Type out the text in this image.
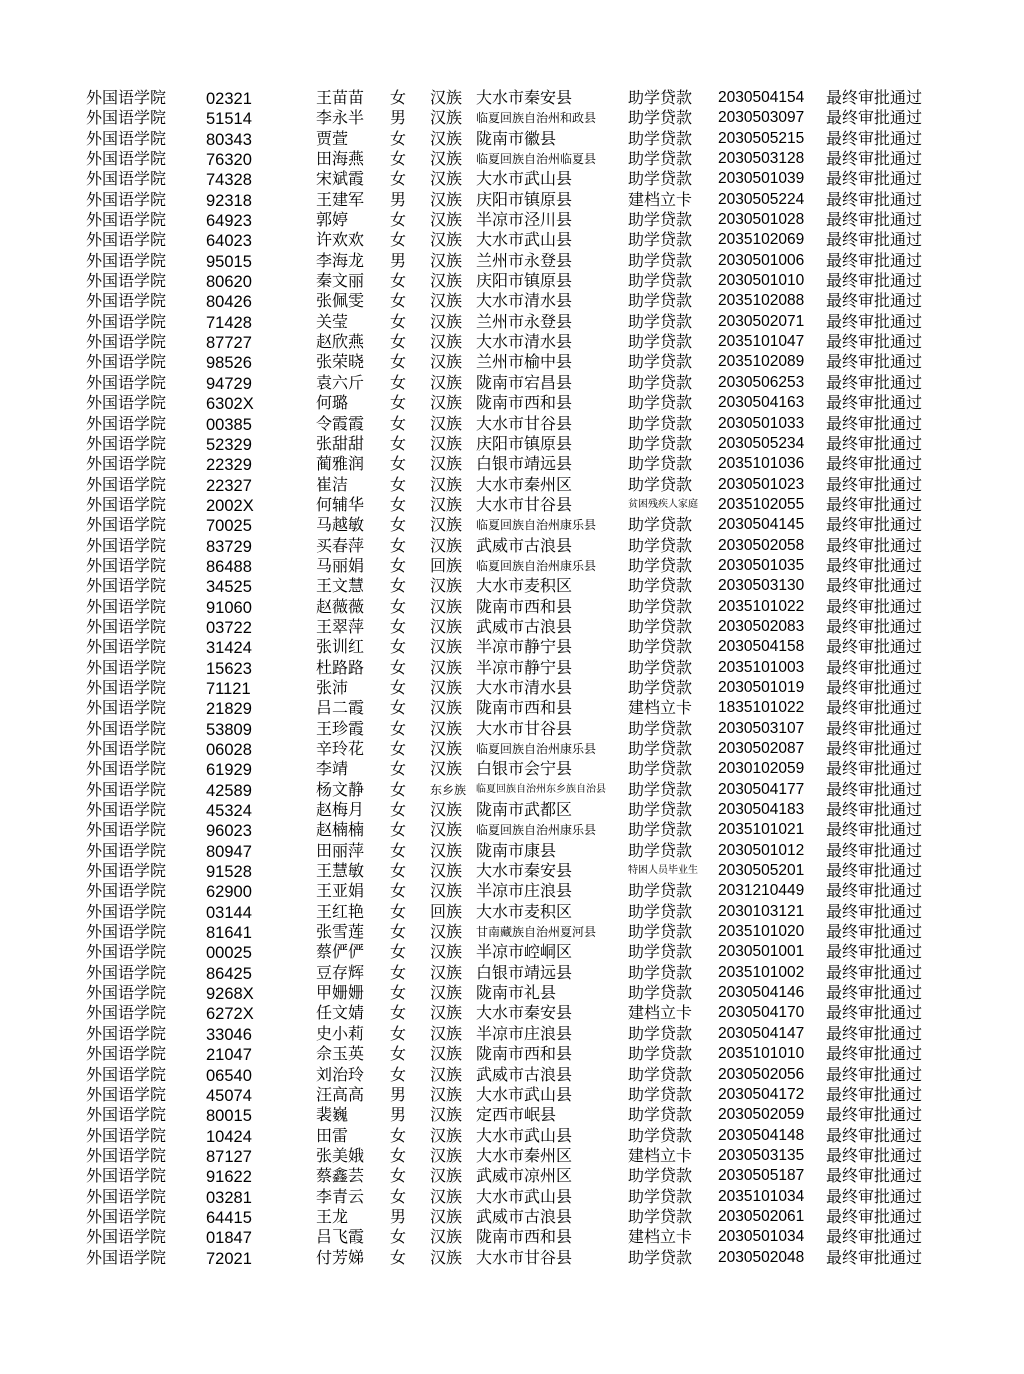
外国语学院 02321	王苗苗 女 汉族 大水市秦安县	助学贷款 2030504154 最终审批通过
外国语学院 51514	李永半 男 汉族 临夏回族自治州和政县 助学贷款 2030503097 最终审批通过
外国语学院 80343	贾萱	女 汉族 陇南市徽县	助学贷款 2030505215 最终审批通过
外国语学院 76320	田海燕 女 汉族 临夏回族自治州临夏县 助学贷款 2030503128 最终审批通过
外国语学院 74328	宋斌霞 女 汉族 大水市武山县	助学贷款 2030501039 最终审批通过
外国语学院 92318	王建军 男 汉族 庆阳市镇原县	建档立卡 2030505224 最终审批通过
外国语学院 64923	郭婷	女 汉族 半凉市泾川县	助学贷款 2030501028 最终审批通过
外国语学院 64023	许欢欢 女 汉族 大水市武山县	助学贷款 2035102069 最终审批通过
外国语学院 95015	李海龙 男 汉族 兰州市永登县	助学贷款 2030501006 最终审批通过
外国语学院 80620	秦文丽 女 汉族 庆阳市镇原县	助学贷款 2030501010 最终审批通过
外国语学院 80426	张佩雯 女 汉族 大水市清水县	助学贷款 2035102088 最终审批通过
外国语学院 71428	关莹	女 汉族 兰州市永登县	助学贷款 2030502071 最终审批通过
外国语学院 87727	赵欣燕 女 汉族 大水市清水县	助学贷款 2035101047 最终审批通过
外国语学院 98526	张荣晓 女 汉族 兰州市榆中县	助学贷款 2035102089 最终审批通过
外国语学院 94729	袁六斤 女 汉族 陇南市宕昌县	助学贷款 2030506253 最终审批通过
外国语学院 6302X	何璐	女 汉族 陇南市西和县	助学贷款 2030504163 最终审批通过
外国语学院 00385	令霞霞 女 汉族 大水市甘谷县	助学贷款 2030501033 最终审批通过
外国语学院 52329	张甜甜 女 汉族 庆阳市镇原县	助学贷款 2030505234 最终审批通过
外国语学院 22329	蔺雅润 女 汉族 白银市靖远县	助学贷款 2035101036 最终审批通过
外国语学院 22327	崔洁	女 汉族 大水市秦州区	助学贷款 2030501023 最终审批通过
外国语学院 2002X	何辅华 女 汉族 大水市甘谷县	贫困残疾人家庭 2035102055 最终审批通过
外国语学院 70025	马越敏 女 汉族 临夏回族自治州康乐县 助学贷款 2030504145 最终审批通过
外国语学院 83729	买春萍 女 汉族 武威市古浪县	助学贷款 2030502058 最终审批通过
外国语学院 86488	马丽娟 女 回族 临夏回族自治州康乐县 助学贷款 2030501035 最终审批通过
外国语学院 34525	王文慧 女 汉族 大水市麦积区	助学贷款 2030503130 最终审批通过
外国语学院 91060	赵薇薇 女 汉族 陇南市西和县	助学贷款 2035101022 最终审批通过
外国语学院 03722	王翠萍 女 汉族 武威市古浪县	助学贷款 2030502083 最终审批通过
外国语学院 31424	张训红 女 汉族 半凉市静宁县	助学贷款 2030504158 最终审批通过
外国语学院 15623	杜路路 女 汉族 半凉市静宁县	助学贷款 2035101003 最终审批通过
外国语学院 71121	张沛	女 汉族 大水市清水县	助学贷款 2030501019 最终审批通过
外国语学院 21829	吕二霞 女 汉族 陇南市西和县	建档立卡 1835101022 最终审批通过
外国语学院 53809	王珍霞 女 汉族 大水市甘谷县	助学贷款 2030503107 最终审批通过
外国语学院 06028	辛玲花 女 汉族 临夏回族自治州康乐县 助学贷款 2030502087 最终审批通过
外国语学院 61929	李靖	女 汉族 白银市会宁县	助学贷款 2030102059 最终审批通过
外国语学院 42589	杨文静 女 东乡族 临夏回族自治州东乡族自治县 助学贷款 2030504177 最终审批通过
外国语学院 45324	赵梅月 女 汉族 陇南市武都区	助学贷款 2030504183 最终审批通过
外国语学院 96023	赵楠楠 女 汉族 临夏回族自治州康乐县 助学贷款 2035101021 最终审批通过
外国语学院 80947	田丽萍 女 汉族 陇南市康县	助学贷款 2030501012 最终审批通过
外国语学院 91528	王慧敏 女 汉族 大水市秦安县	特困人员毕业生 2030505201 最终审批通过
外国语学院 62900	王亚娟 女 汉族 半凉市庄浪县	助学贷款 2031210449 最终审批通过
外国语学院 03144	王红艳 女 回族 大水市麦积区	助学贷款 2030103121 最终审批通过
外国语学院 81641	张雪莲 女 汉族 甘南藏族自治州夏河县 助学贷款 2035101020 最终审批通过
外国语学院 00025	蔡俨俨 女 汉族 半凉市崆峒区	助学贷款 2030501001 最终审批通过
外国语学院 86425	豆存辉 女 汉族 白银市靖远县	助学贷款 2035101002 最终审批通过
外国语学院 9268X	甲姗姗 女 汉族 陇南市礼县	助学贷款 2030504146 最终审批通过
外国语学院 6272X	任文婧 女 汉族 大水市秦安县	建档立卡 2030504170 最终审批通过
外国语学院 33046	史小莉 女 汉族 半凉市庄浪县	助学贷款 2030504147 最终审批通过
外国语学院 21047	佘玉英 女 汉族 陇南市西和县	助学贷款 2035101010 最终审批通过
外国语学院 06540	刘治玲 女 汉族 武威市古浪县	助学贷款 2030502056 最终审批通过
外国语学院 45074	汪高高 男 汉族 大水市武山县	助学贷款 2030504172 最终审批通过
外国语学院 80015	裴巍	男 汉族 定西市岷县	助学贷款 2030502059 最终审批通过
外国语学院 10424	田雷	女 汉族 大水市武山县	助学贷款 2030504148 最终审批通过
外国语学院 87127	张美娥 女 汉族 大水市秦州区	建档立卡 2030503135 最终审批通过
外国语学院 91622	蔡鑫芸 女 汉族 武威市凉州区	助学贷款 2030505187 最终审批通过
外国语学院 03281	李青云 女 汉族 大水市武山县	助学贷款 2035101034 最终审批通过
外国语学院 64415	王龙	男 汉族 武威市古浪县	助学贷款 2030502061 最终审批通过
外国语学院 01847	吕飞霞 女 汉族 陇南市西和县	建档立卡 2030501034 最终审批通过
外国语学院 72021	付芳娣 女 汉族 大水市甘谷县	助学贷款 2030502048 最终审批通过
